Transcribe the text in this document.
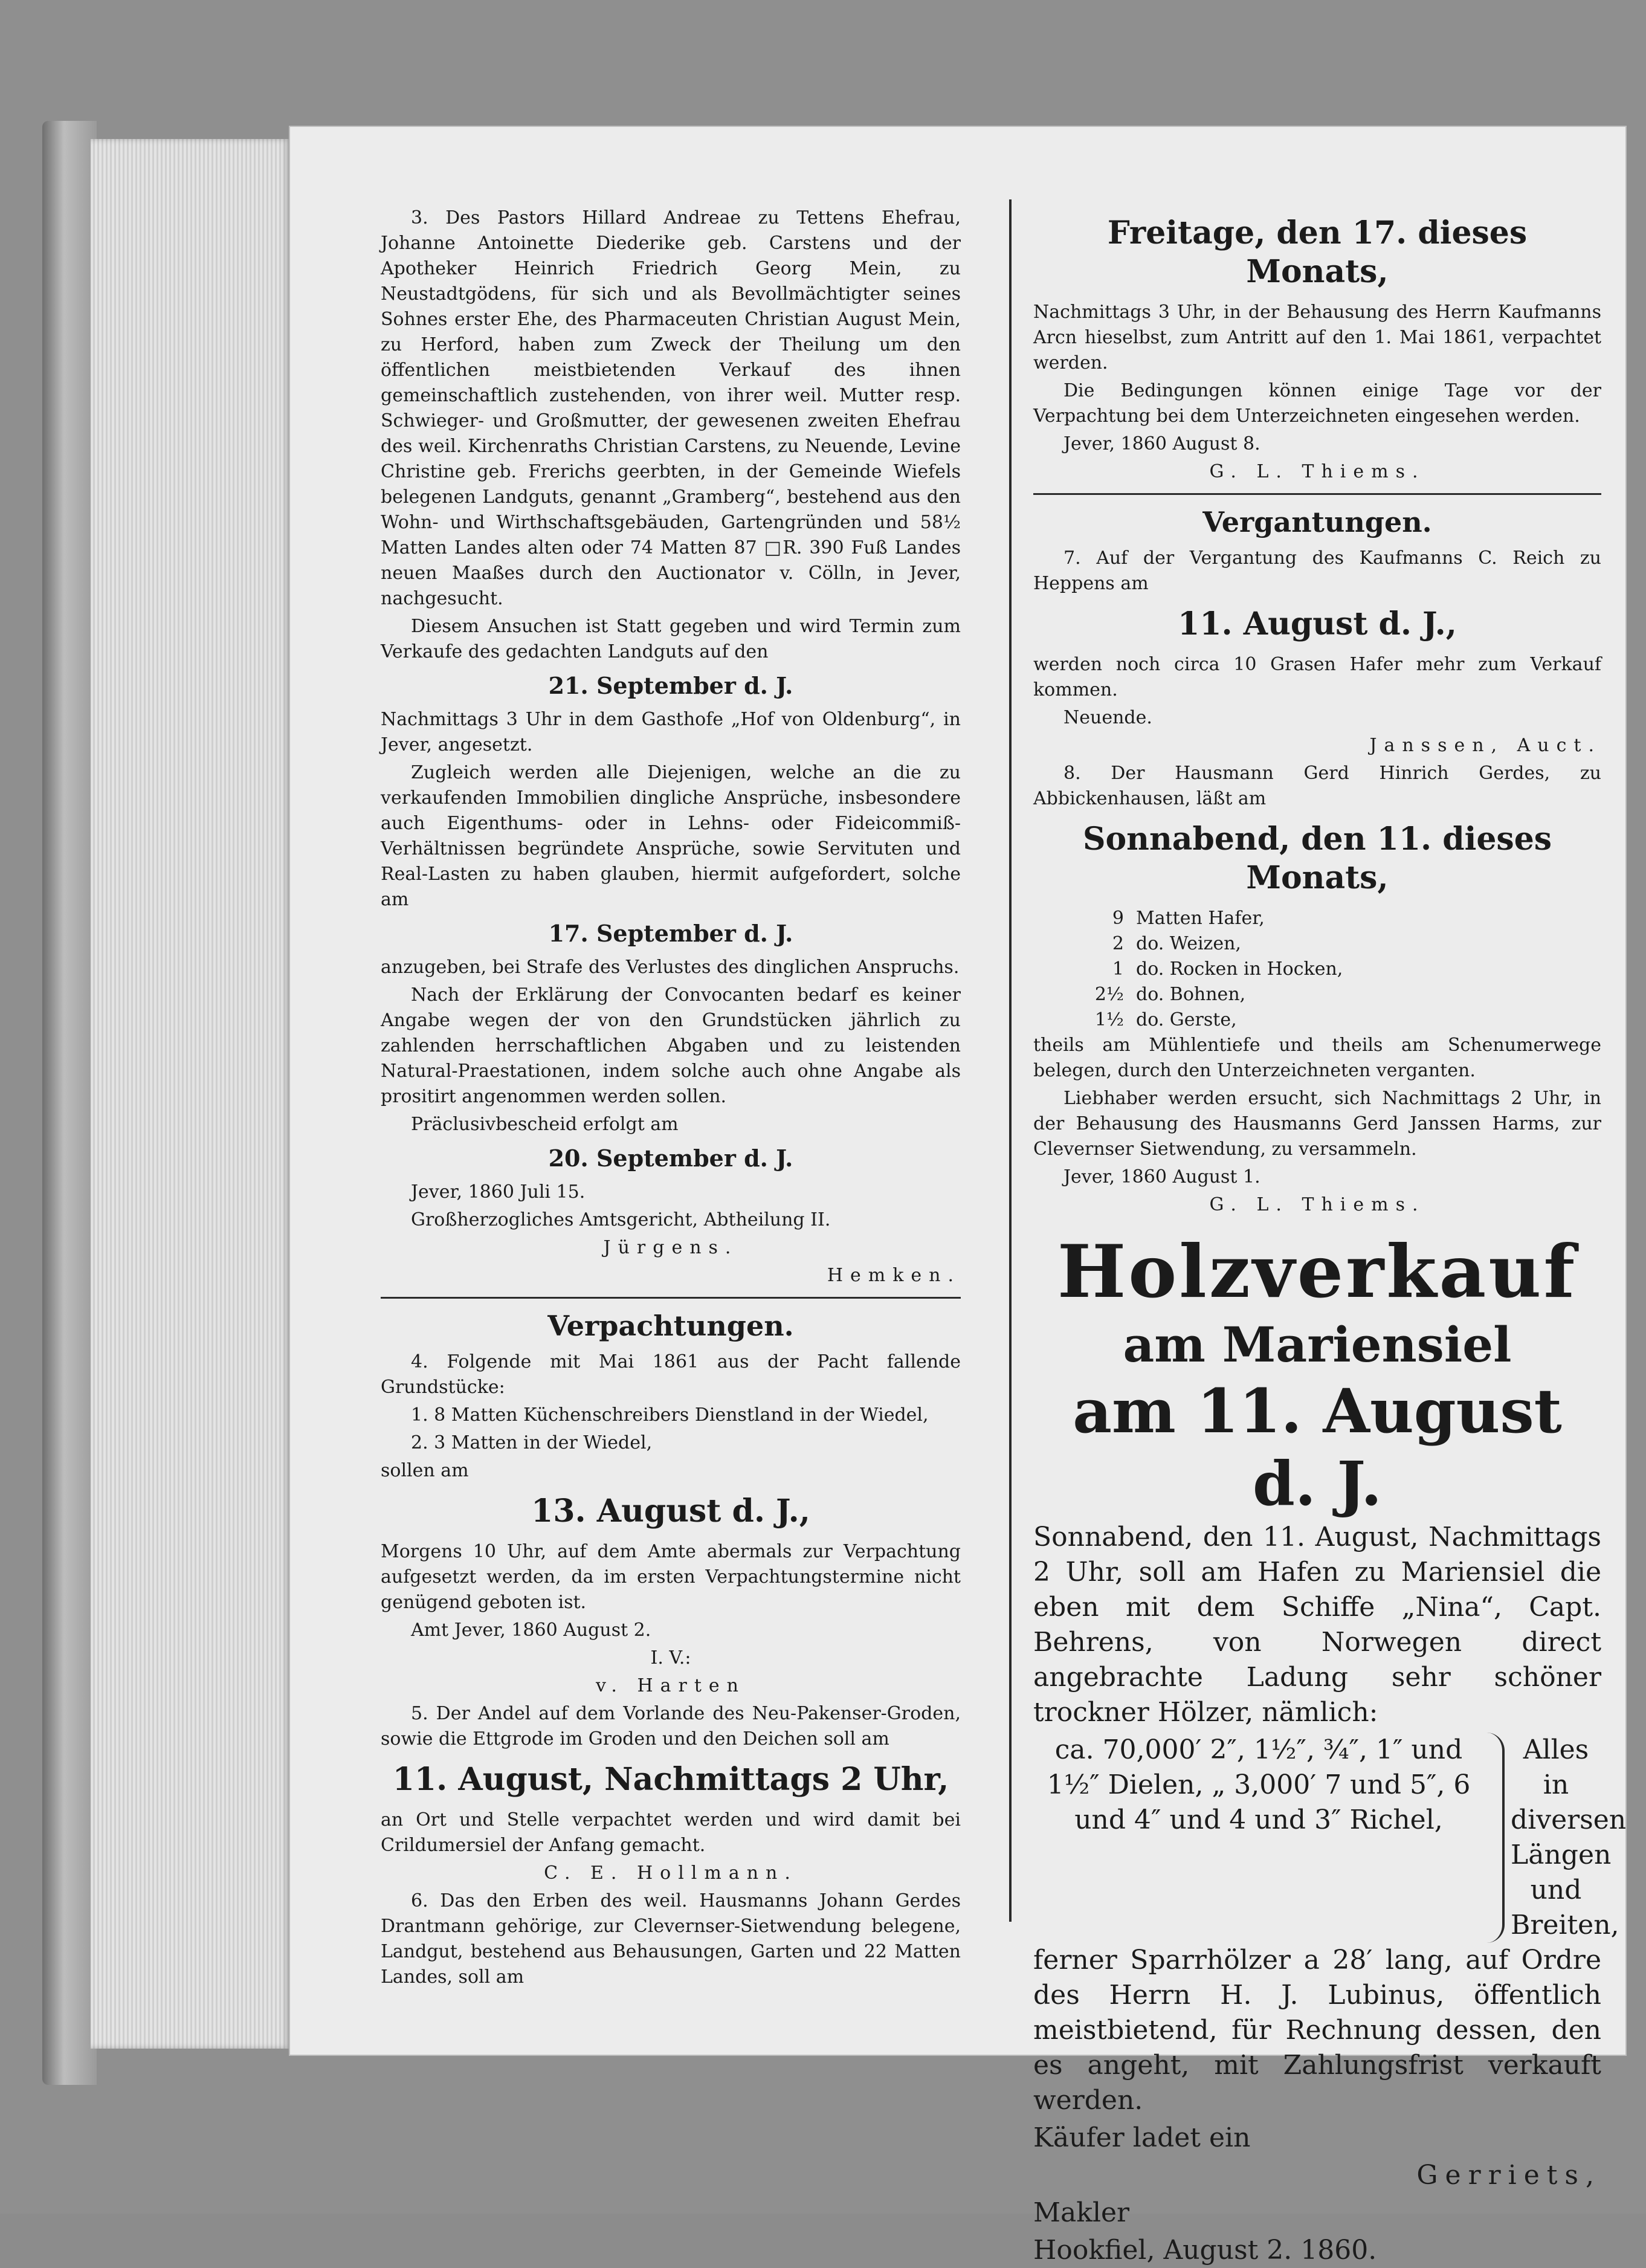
3. Des Pastors Hillard Andreae zu Tettens Ehefrau, Johanne Antoinette Diederike geb. Carstens und der Apotheker Heinrich Friedrich Georg Mein, zu Neustadtgödens, für sich und als Bevollmächtigter seines Sohnes erster Ehe, des Pharmaceuten Christian August Mein, zu Herford, haben zum Zweck der Theilung um den öffentlichen meistbietenden Verkauf des ihnen gemeinschaftlich zustehenden, von ihrer weil. Mutter resp. Schwieger- und Großmutter, der gewesenen zweiten Ehefrau des weil. Kirchenraths Christian Carstens, zu Neuende, Levine Christine geb. Frerichs geerbten, in der Gemeinde Wiefels belegenen Landguts, genannt „Gramberg“, bestehend aus den Wohn- und Wirthschaftsgebäuden, Gartengründen und 58½ Matten Landes alten oder 74 Matten 87 □R. 390 Fuß Landes neuen Maaßes durch den Auctionator v. Cölln, in Jever, nachgesucht.

Diesem Ansuchen ist Statt gegeben und wird Termin zum Verkaufe des gedachten Landguts auf den

21. September d. J.

Nachmittags 3 Uhr in dem Gasthofe „Hof von Oldenburg“, in Jever, angesetzt.

Zugleich werden alle Diejenigen, welche an die zu verkaufenden Immobilien dingliche Ansprüche, insbesondere auch Eigenthums- oder in Lehns- oder Fideicommiß-Verhältnissen begründete Ansprüche, sowie Servituten und Real-Lasten zu haben glauben, hiermit aufgefordert, solche am

17. September d. J.

anzugeben, bei Strafe des Verlustes des dinglichen Anspruchs.

Nach der Erklärung der Convocanten bedarf es keiner Angabe wegen der von den Grundstücken jährlich zu zahlenden herrschaftlichen Abgaben und zu leistenden Natural-Praestationen, indem solche auch ohne Angabe als prositirt angenommen werden sollen.

Präclusivbescheid erfolgt am

20. September d. J.

Jever, 1860 Juli 15.

Großherzogliches Amtsgericht, Abtheilung II.

Jürgens.

Hemken.

Verpachtungen.

4. Folgende mit Mai 1861 aus der Pacht fallende Grundstücke:

1. 8 Matten Küchenschreibers Dienstland in der Wiedel,

2. 3 Matten in der Wiedel,

sollen am

13. August d. J.,

Morgens 10 Uhr, auf dem Amte abermals zur Verpachtung aufgesetzt werden, da im ersten Verpachtungstermine nicht genügend geboten ist.

Amt Jever, 1860 August 2.

I. V.:

v. Harten

5. Der Andel auf dem Vorlande des Neu-Pakenser-Groden, sowie die Ettgrode im Groden und den Deichen soll am

11. August, Nachmittags 2 Uhr,

an Ort und Stelle verpachtet werden und wird damit bei Crildumersiel der Anfang gemacht.

C. E. Hollmann.

6. Das den Erben des weil. Hausmanns Johann Gerdes Drantmann gehörige, zur Clevernser-Sietwendung belegene, Landgut, bestehend aus Behausungen, Garten und 22 Matten Landes, soll am

Freitage, den 17. dieses Monats,

Nachmittags 3 Uhr, in der Behausung des Herrn Kaufmanns Arcn hieselbst, zum Antritt auf den 1. Mai 1861, verpachtet werden.

Die Bedingungen können einige Tage vor der Verpachtung bei dem Unterzeichneten eingesehen werden.

Jever, 1860 August 8.

G. L. Thiems.

Vergantungen.

7. Auf der Vergantung des Kaufmanns C. Reich zu Heppens am

11. August d. J.,

werden noch circa 10 Grasen Hafer mehr zum Verkauf kommen.

Neuende.

Janssen, Auct.

8. Der Hausmann Gerd Hinrich Gerdes, zu Abbickenhausen, läßt am

Sonnabend, den 11. dieses Monats,
9 Matten Hafer,
2 do. Weizen,
1 do. Rocken in Hocken,
2½ do. Bohnen,
1½ do. Gerste,

theils am Mühlentiefe und theils am Schenumerwege belegen, durch den Unterzeichneten verganten.

Liebhaber werden ersucht, sich Nachmittags 2 Uhr, in der Behausung des Hausmanns Gerd Janssen Harms, zur Clevernser Sietwendung, zu versammeln.

Jever, 1860 August 1.

G. L. Thiems.

Holzverkauf
am Mariensiel
am 11. August d. J.

Sonnabend, den 11. August, Nachmittags 2 Uhr, soll am Hafen zu Mariensiel die eben mit dem Schiffe „Nina“, Capt. Behrens, von Norwegen direct angebrachte Ladung sehr schöner trockner Hölzer, nämlich:

ca. 70,000′ 2″, 1½″, ¾″, 1″ und 1½″ Dielen, „ 3,000′ 7 und 5″, 6 und 4″ und 4 und 3″ Richel,
Alles in diversen Längen und Breiten,

ferner Sparrhölzer a 28′ lang, auf Ordre des Herrn H. J. Lubinus, öffentlich meistbietend, für Rechnung dessen, den es angeht, mit Zahlungsfrist verkauft werden.

Käufer ladet ein

Gerriets,

Makler

Hookfiel, August 2. 1860.
